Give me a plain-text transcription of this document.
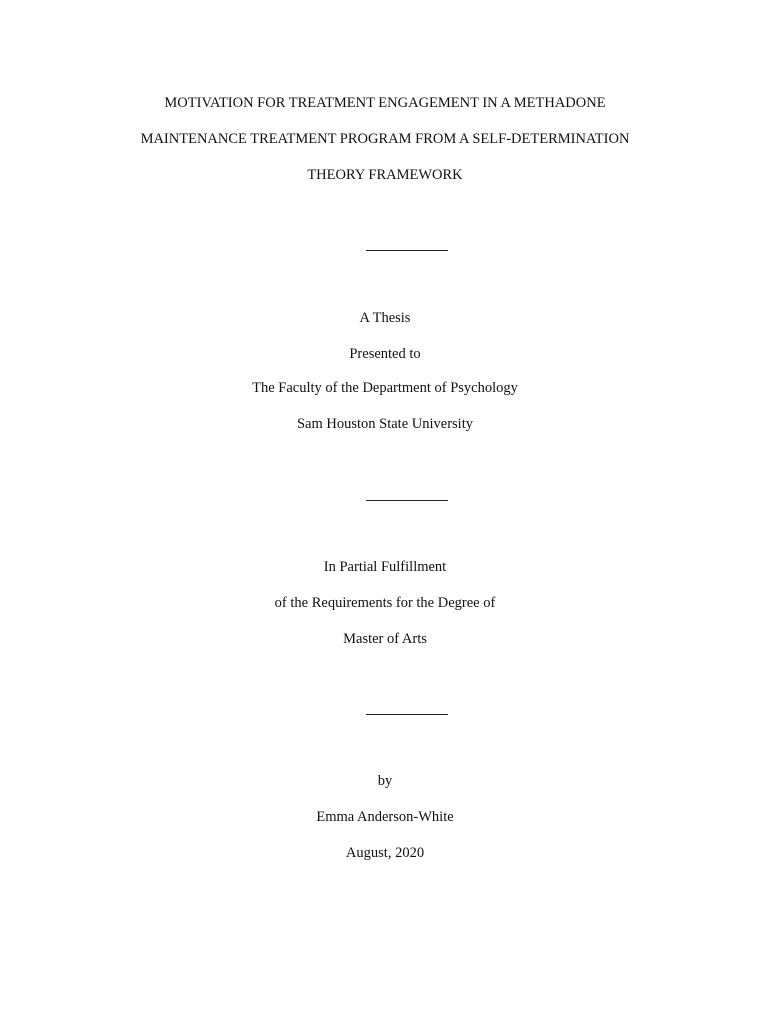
MOTIVATION FOR TREATMENT ENGAGEMENT IN A METHADONE
MAINTENANCE TREATMENT PROGRAM FROM A SELF-DETERMINATION
THEORY FRAMEWORK
A Thesis
Presented to
The Faculty of the Department of Psychology
Sam Houston State University
In Partial Fulfillment
of the Requirements for the Degree of
Master of Arts
by
Emma Anderson-White
August, 2020
